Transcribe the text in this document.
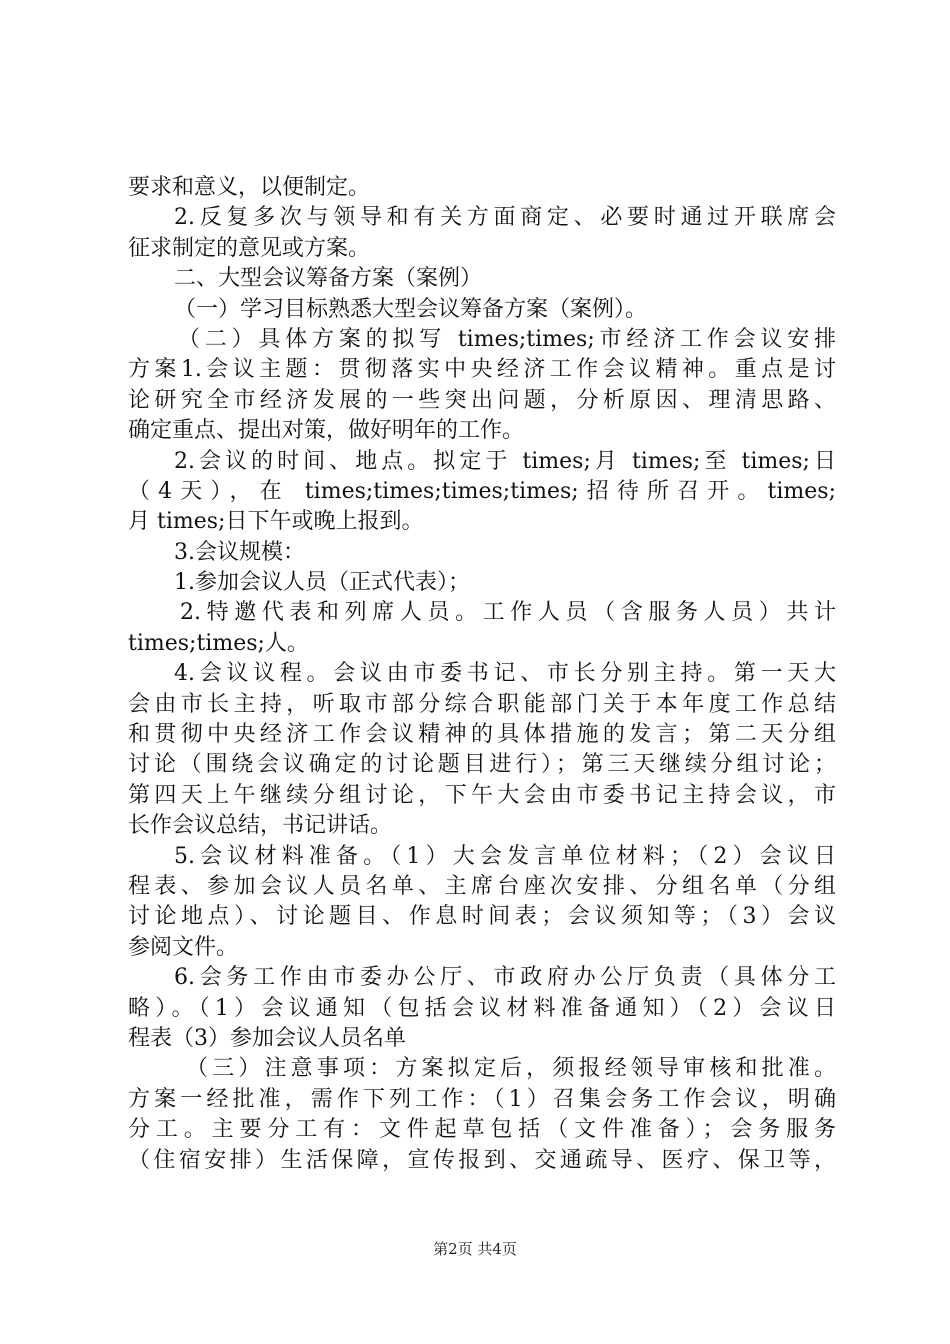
要求和意义，以便制定。
2.反复多次与领导和有关方面商定、必要时通过开联席会
征求制定的意见或方案。
二、大型会议筹备方案（案例）
（一）学习目标熟悉大型会议筹备方案（案例）。
（二）具体方案的拟写 times;times;市经济工作会议安排
方案1.会议主题：贯彻落实中央经济工作会议精神。重点是讨
论研究全市经济发展的一些突出问题，分析原因、理清思路、
确定重点、提出对策，做好明年的工作。
2.会议的时间、地点。拟定于 times;月 times;至 times;日
（4天），在 times;times;times;times;招待所召开。times;
月 times;日下午或晚上报到。
3.会议规模：
1.参加会议人员（正式代表）；
2.特邀代表和列席人员。工作人员（含服务人员）共计
times;times;人。
4.会议议程。会议由市委书记、市长分别主持。第一天大
会由市长主持，听取市部分综合职能部门关于本年度工作总结
和贯彻中央经济工作会议精神的具体措施的发言；第二天分组
讨论（围绕会议确定的讨论题目进行）；第三天继续分组讨论；
第四天上午继续分组讨论，下午大会由市委书记主持会议，市
长作会议总结，书记讲话。
5.会议材料准备。（1）大会发言单位材料；（2）会议日
程表、参加会议人员名单、主席台座次安排、分组名单（分组
讨论地点）、讨论题目、作息时间表；会议须知等；（3）会议
参阅文件。
6.会务工作由市委办公厅、市政府办公厅负责（具体分工
略）。（1）会议通知（包括会议材料准备通知）（2）会议日
程表（3）参加会议人员名单
（三）注意事项：方案拟定后，须报经领导审核和批准。
方案一经批准，需作下列工作：（1）召集会务工作会议，明确
分工。主要分工有：文件起草包括（文件准备）；会务服务
（住宿安排）生活保障，宣传报到、交通疏导、医疗、保卫等，
第2页 共4页
